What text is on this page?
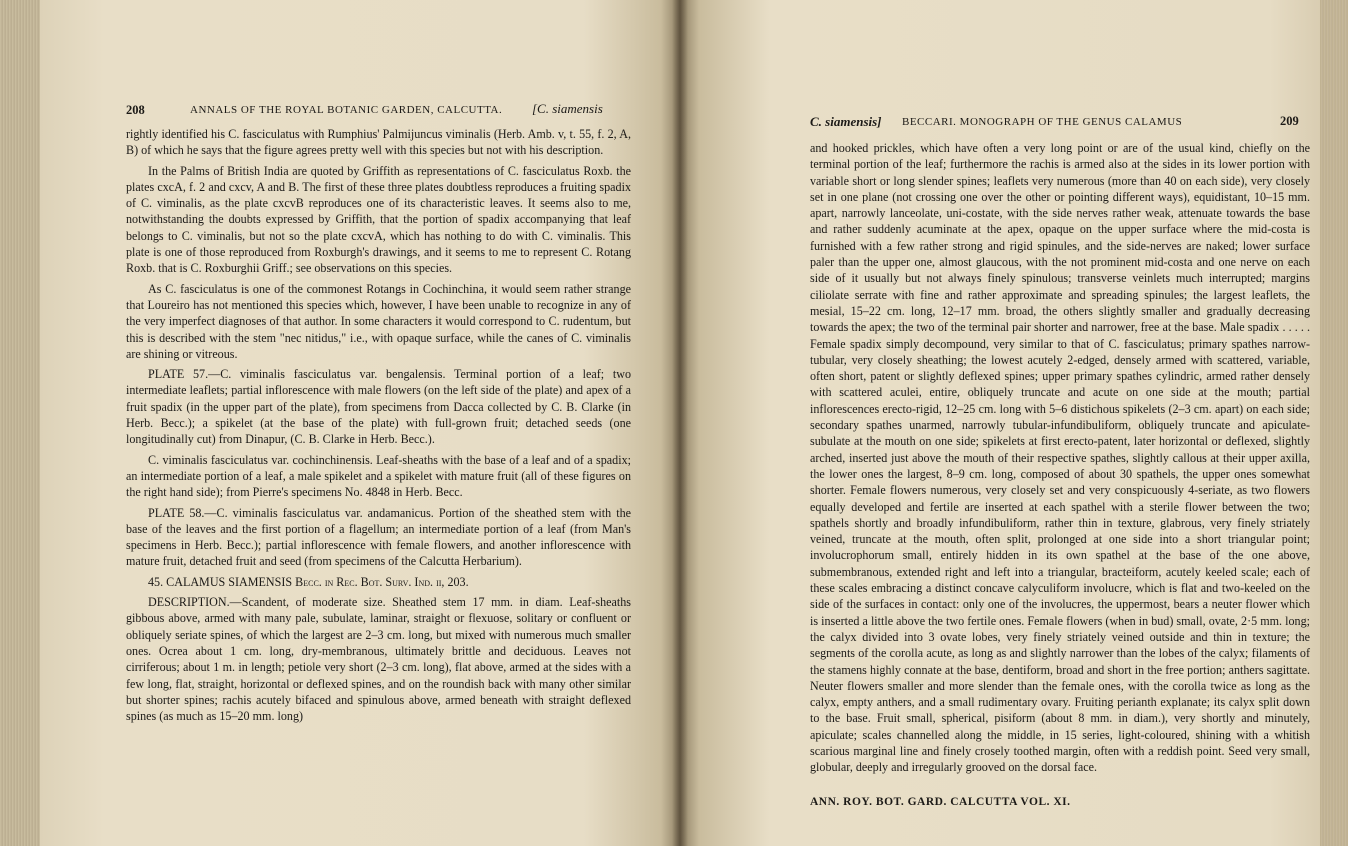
208	ANNALS OF THE ROYAL BOTANIC GARDEN, CALCUTTA. [C. siamensis

rightly identified his C. fasciculatus with Rumphius' Palmijuncus viminalis (Herb. Amb. v, t. 55, f. 2, A, B) of which he says that the figure agrees pretty well with this species but not with his description.

In the Palms of British India are quoted by Griffith as representations of C. fasciculatus Roxb. the plates cxcA, f. 2 and cxcv, A and B. The first of these three plates doubtless reproduces a fruiting spadix of C. viminalis, as the plate cxcvB reproduces one of its characteristic leaves. It seems also to me, notwithstanding the doubts expressed by Griffith, that the portion of spadix accompanying that leaf belongs to C. viminalis, but not so the plate cxcvA, which has nothing to do with C. viminalis. This plate is one of those reproduced from Roxburgh's drawings, and it seems to me to represent C. Rotang Roxb. that is C. Roxburghii Griff.; see observations on this species.

As C. fasciculatus is one of the commonest Rotangs in Cochinchina, it would seem rather strange that Loureiro has not mentioned this species which, however, I have been unable to recognize in any of the very imperfect diagnoses of that author. In some characters it would correspond to C. rudentum, but this is described with the stem "nec nitidus," i.e., with opaque surface, while the canes of C. viminalis are shining or vitreous.

PLATE 57.—C. viminalis fasciculatus var. bengalensis. Terminal portion of a leaf; two intermediate leaflets; partial inflorescence with male flowers (on the left side of the plate) and apex of a fruit spadix (in the upper part of the plate), from specimens from Dacca collected by C. B. Clarke (in Herb. Becc.); a spikelet (at the base of the plate) with full-grown fruit; detached seeds (one longitudinally cut) from Dinapur, (C. B. Clarke in Herb. Becc.).

C. viminalis fasciculatus var. cochinchinensis. Leaf-sheaths with the base of a leaf and of a spadix; an intermediate portion of a leaf, a male spikelet and a spikelet with mature fruit (all of these figures on the right hand side); from Pierre's specimens No. 4848 in Herb. Becc.

PLATE 58.—C. viminalis fasciculatus var. andamanicus. Portion of the sheathed stem with the base of the leaves and the first portion of a flagellum; an intermediate portion of a leaf (from Man's specimens in Herb. Becc.); partial inflorescence with female flowers, and another inflorescence with mature fruit, detached fruit and seed (from specimens of the Calcutta Herbarium).

45. CALAMUS SIAMENSIS Becc. in Rec. Bot. Surv. Ind. ii, 203.

DESCRIPTION.—Scandent, of moderate size. Sheathed stem 17 mm. in diam. Leaf-sheaths gibbous above, armed with many pale, subulate, laminar, straight or flexuose, solitary or confluent or obliquely seriate spines, of which the largest are 2–3 cm. long, but mixed with numerous much smaller ones. Ocrea about 1 cm. long, dry-membranous, ultimately brittle and deciduous. Leaves not cirriferous; about 1 m. in length; petiole very short (2–3 cm. long), flat above, armed at the sides with a few long, flat, straight, horizontal or deflexed spines, and on the roundish back with many other similar but shorter spines; rachis acutely bifaced and spinulous above, armed beneath with straight deflexed spines (as much as 15–20 mm. long)

C. siamensis] BECCARI. MONOGRAPH OF THE GENUS CALAMUS	209

and hooked prickles, which have often a very long point or are of the usual kind, chiefly on the terminal portion of the leaf; furthermore the rachis is armed also at the sides in its lower portion with variable short or long slender spines; leaflets very numerous (more than 40 on each side), very closely set in one plane (not crossing one over the other or pointing different ways), equidistant, 10–15 mm. apart, narrowly lanceolate, uni-costate, with the side nerves rather weak, attenuate towards the base and rather suddenly acuminate at the apex, opaque on the upper surface where the mid-costa is furnished with a few rather strong and rigid spinules, and the side-nerves are naked; lower surface paler than the upper one, almost glaucous, with the not prominent mid-costa and one nerve on each side of it usually but not always finely spinulous; transverse veinlets much interrupted; margins ciliolate serrate with fine and rather approximate and spreading spinules; the largest leaflets, the mesial, 15–22 cm. long, 12–17 mm. broad, the others slightly smaller and gradually decreasing towards the apex; the two of the terminal pair shorter and narrower, free at the base. Male spadix . . . . . Female spadix simply decompound, very similar to that of C. fasciculatus; primary spathes narrow-tubular, very closely sheathing; the lowest acutely 2-edged, densely armed with scattered, variable, often short, patent or slightly deflexed spines; upper primary spathes cylindric, armed rather densely with scattered aculei, entire, obliquely truncate and acute on one side at the mouth; partial inflorescences erecto-rigid, 12–25 cm. long with 5–6 distichous spikelets (2–3 cm. apart) on each side; secondary spathes unarmed, narrowly tubular-infundibuliform, obliquely truncate and apiculate-subulate at the mouth on one side; spikelets at first erecto-patent, later horizontal or deflexed, slightly arched, inserted just above the mouth of their respective spathes, slightly callous at their upper axilla, the lower ones the largest, 8–9 cm. long, composed of about 30 spathels, the upper ones somewhat shorter. Female flowers numerous, very closely set and very conspicuously 4-seriate, as two flowers equally developed and fertile are inserted at each spathel with a sterile flower between the two; spathels shortly and broadly infundibuliform, rather thin in texture, glabrous, very finely striately veined, truncate at the mouth, often split, prolonged at one side into a short triangular point; involucrophorum small, entirely hidden in its own spathel at the base of the one above, submembranous, extended right and left into a triangular, bracteiform, acutely keeled scale; each of these scales embracing a distinct concave calyculiform involucre, which is flat and two-keeled on the side of the surfaces in contact: only one of the involucres, the uppermost, bears a neuter flower which is inserted a little above the two fertile ones. Female flowers (when in bud) small, ovate, 2·5 mm. long; the calyx divided into 3 ovate lobes, very finely striately veined outside and thin in texture; the segments of the corolla acute, as long as and slightly narrower than the lobes of the calyx; filaments of the stamens highly connate at the base, dentiform, broad and short in the free portion; anthers sagittate. Neuter flowers smaller and more slender than the female ones, with the corolla twice as long as the calyx, empty anthers, and a small rudimentary ovary. Fruiting perianth explanate; its calyx split down to the base. Fruit small, spherical, pisiform (about 8 mm. in diam.), very shortly and minutely, apiculate; scales channelled along the middle, in 15 series, light-coloured, shining with a whitish scarious marginal line and finely crosely toothed margin, often with a reddish point. Seed very small, globular, deeply and irregularly grooved on the dorsal face.

ANN. ROY. BOT. GARD. CALCUTTA VOL. XI.
